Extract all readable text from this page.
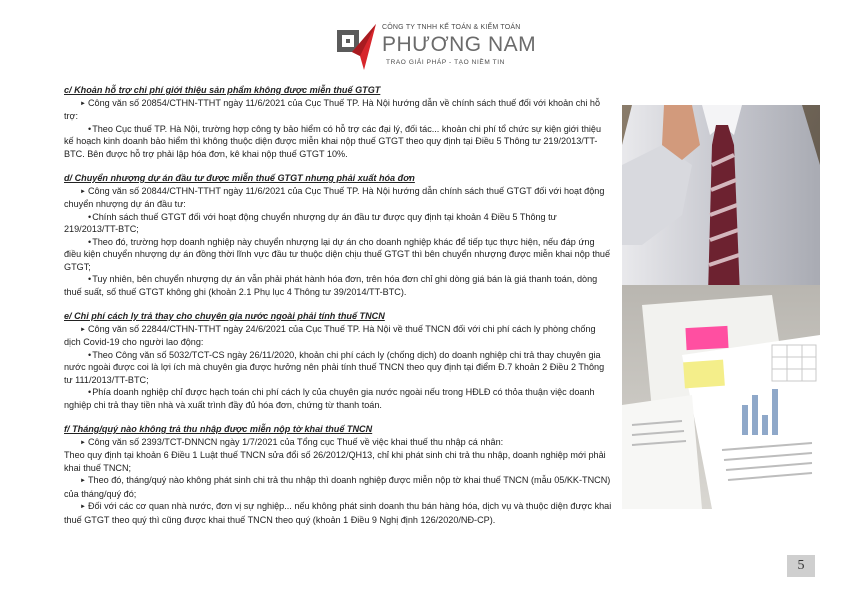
CÔNG TY TNHH KẾ TOÁN & KIỂM TOÁN
PHƯƠNG NAM
TRAO GIẢI PHÁP - TẠO NIỀM TIN
c/ Khoản hỗ trợ chi phí giới thiệu sản phẩm không được miễn thuế GTGT

► Công văn số 20854/CTHN-TTHT ngày 11/6/2021 của Cục Thuế TP. Hà Nội hướng dẫn về chính sách thuế đối với khoản chi hỗ trợ:

•Theo Cục thuế TP. Hà Nội, trường hợp công ty bảo hiểm có hỗ trợ các đại lý, đối tác... khoản chi phí tổ chức sự kiện giới thiệu kế hoạch kinh doanh bảo hiểm thì không thuộc diện được miễn khai nộp thuế GTGT theo quy định tại Điều 5 Thông tư 219/2013/TT-BTC. Bên được hỗ trợ phải lập hóa đơn, kê khai nộp thuế GTGT 10%.

d/ Chuyển nhượng dự án đầu tư được miễn thuế GTGT nhưng phải xuất hóa đơn

► Công văn số 20844/CTHN-TTHT ngày 11/6/2021 của Cục Thuế TP. Hà Nội hướng dẫn chính sách thuế GTGT đối với hoạt động chuyển nhượng dự án đầu tư:

•Chính sách thuế GTGT đối với hoạt động chuyển nhượng dự án đầu tư được quy định tại khoản 4 Điều 5 Thông tư 219/2013/TT-BTC;

•Theo đó, trường hợp doanh nghiệp này chuyển nhượng lại dự án cho doanh nghiệp khác để tiếp tục thực hiện, nếu đáp ứng điều kiện chuyển nhượng dự án đồng thời lĩnh vực đầu tư thuộc diện chịu thuế GTGT thì bên chuyển nhượng được miễn khai nộp thuế GTGT;

•Tuy nhiên, bên chuyển nhượng dự án vẫn phải phát hành hóa đơn, trên hóa đơn chỉ ghi dòng giá bán là giá thanh toán, dòng thuế suất, số thuế GTGT không ghi (khoản 2.1 Phụ lục 4 Thông tư 39/2014/TT-BTC).

e/ Chi phí cách ly trả thay cho chuyên gia nước ngoài phải tính thuế TNCN

► Công văn số 22844/CTHN-TTHT ngày 24/6/2021 của Cục Thuế TP. Hà Nội về thuế TNCN đối với chi phí cách ly phòng chống dịch Covid-19 cho người lao động:

•Theo Công văn số 5032/TCT-CS ngày 26/11/2020, khoản chi phí cách ly (chống dịch) do doanh nghiệp chi trả thay chuyên gia nước ngoài được coi là lợi ích mà chuyên gia được hưởng nên phải tính thuế TNCN theo quy định tại điểm Đ.7 khoản 2 Điều 2 Thông tư 111/2013/TT-BTC;

•Phía doanh nghiệp chỉ được hạch toán chi phí cách ly của chuyên gia nước ngoài nếu trong HĐLĐ có thỏa thuận việc doanh nghiệp chi trả thay tiền nhà và xuất trình đầy đủ hóa đơn, chứng từ thanh toán.

f/ Tháng/quý nào không trả thu nhập được miễn nộp tờ khai thuế TNCN

► Công văn số 2393/TCT-DNNCN ngày 1/7/2021 của Tổng cục Thuế về việc khai thuế thu nhập cá nhân:

Theo quy định tại khoản 6 Điều 1 Luật thuế TNCN sửa đổi số 26/2012/QH13, chỉ khi phát sinh chi trả thu nhập, doanh nghiệp mới phải khai thuế TNCN;

► Theo đó, tháng/quý nào không phát sinh chi trả thu nhập thì doanh nghiệp được miễn nộp tờ khai thuế TNCN (mẫu 05/KK-TNCN) của tháng/quý đó;

► Đối với các cơ quan nhà nước, đơn vị sự nghiệp... nếu không phát sinh doanh thu bán hàng hóa, dịch vụ và thuộc diện được khai thuế GTGT theo quý thì cũng được khai thuế TNCN theo quý (khoản 1 Điều 9 Nghị định 126/2020/NĐ-CP).

5
